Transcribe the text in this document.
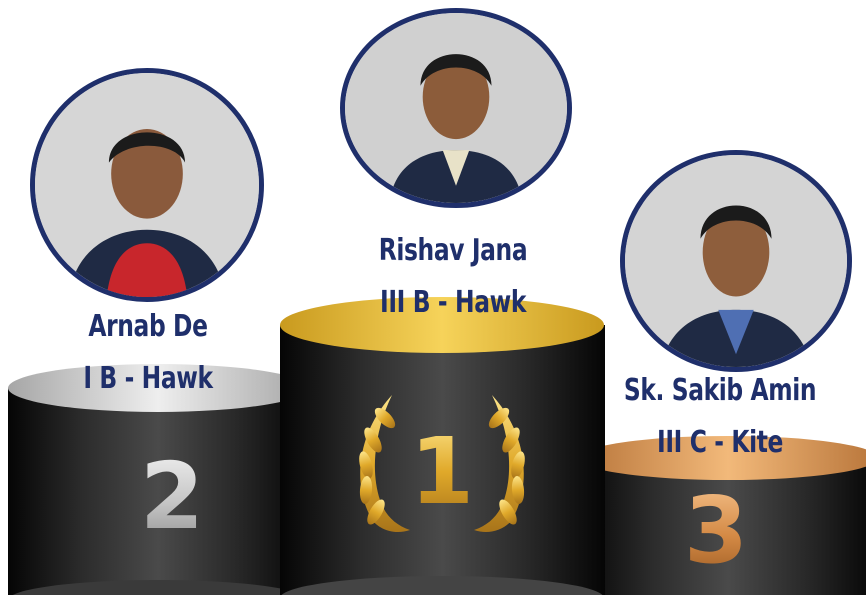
1
2	3
Arnab De
I B - Hawk
Rishav Jana
III B - Hawk
Sk. Sakib Amin
III C - Kite
